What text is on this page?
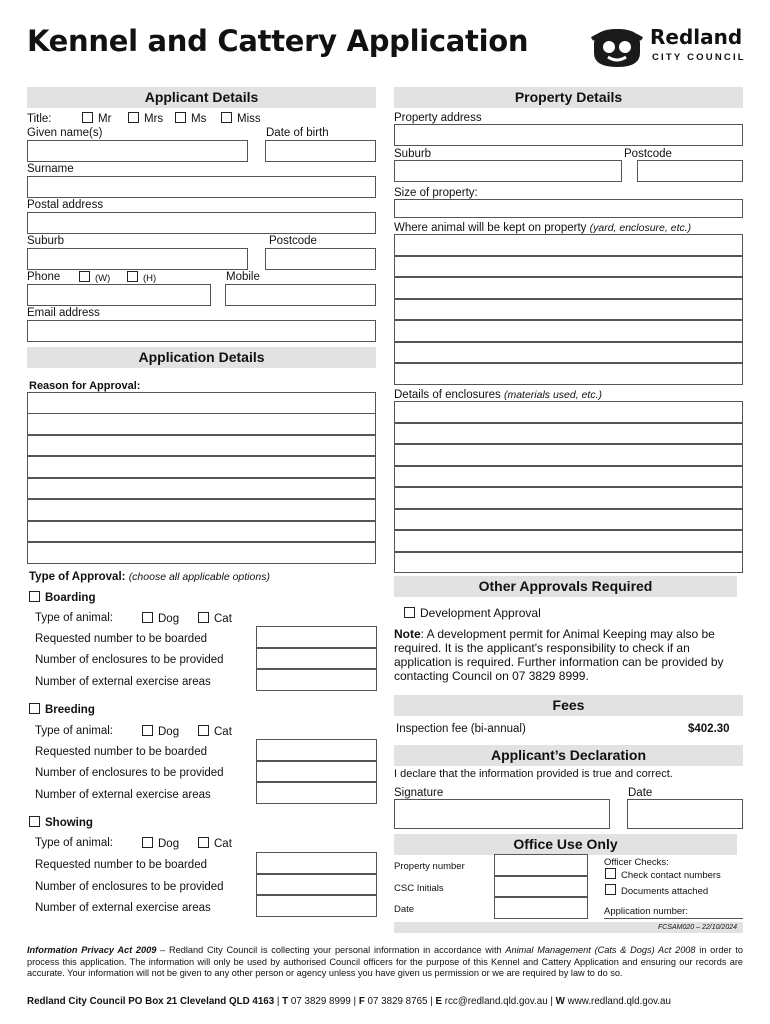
Kennel and Cattery Application	Redland
CITY COUNCIL
Applicant Details
Title:	Mr	Mrs	Ms	Miss
Given name(s)	Date of birth
Surname
Postal address
Suburb	Postcode
Phone	(W)	(H)	Mobile
Email address
Application Details
Reason for Approval:
Type of Approval: (choose all applicable options)
Boarding
Type of animal:	Dog	Cat
Requested number to be boarded
Number of enclosures to be provided
Number of external exercise areas
Breeding
Type of animal:	Dog	Cat
Requested number to be boarded
Number of enclosures to be provided
Number of external exercise areas
Showing
Type of animal:	Dog	Cat
Requested number to be boarded
Number of enclosures to be provided
Number of external exercise areas
Property Details
Property address
Suburb	Postcode
Size of property:
Where animal will be kept on property (yard, enclosure, etc.)
Details of enclosures (materials used, etc.)
Other Approvals Required
Development Approval
Note: A development permit for Animal Keeping may also be required. It is the applicant's responsibility to check if an application is required. Further information can be provided by contacting Council on 07 3829 8999.
Fees
Inspection fee (bi-annual)	$402.30
Applicant’s Declaration
I declare that the information provided is true and correct.
Signature	Date
Office Use Only
Property number
CSC Initials
Date
Officer Checks:
Check contact numbers
Documents attached
Application number:
FCSAM020 – 22/10/2024
Information Privacy Act 2009 – Redland City Council is collecting your personal information in accordance with Animal Management (Cats & Dogs) Act 2008 in order to process this application. The information will only be used by authorised Council officers for the purpose of this Kennel and Cattery Application and ensuring our records are accurate. Your information will not be given to any other person or agency unless you have given us permission or we are required by law to do so.
Redland City Council PO Box 21 Cleveland QLD 4163 | T 07 3829 8999 | F 07 3829 8765 | E rcc@redland.qld.gov.au | W www.redland.qld.gov.au
